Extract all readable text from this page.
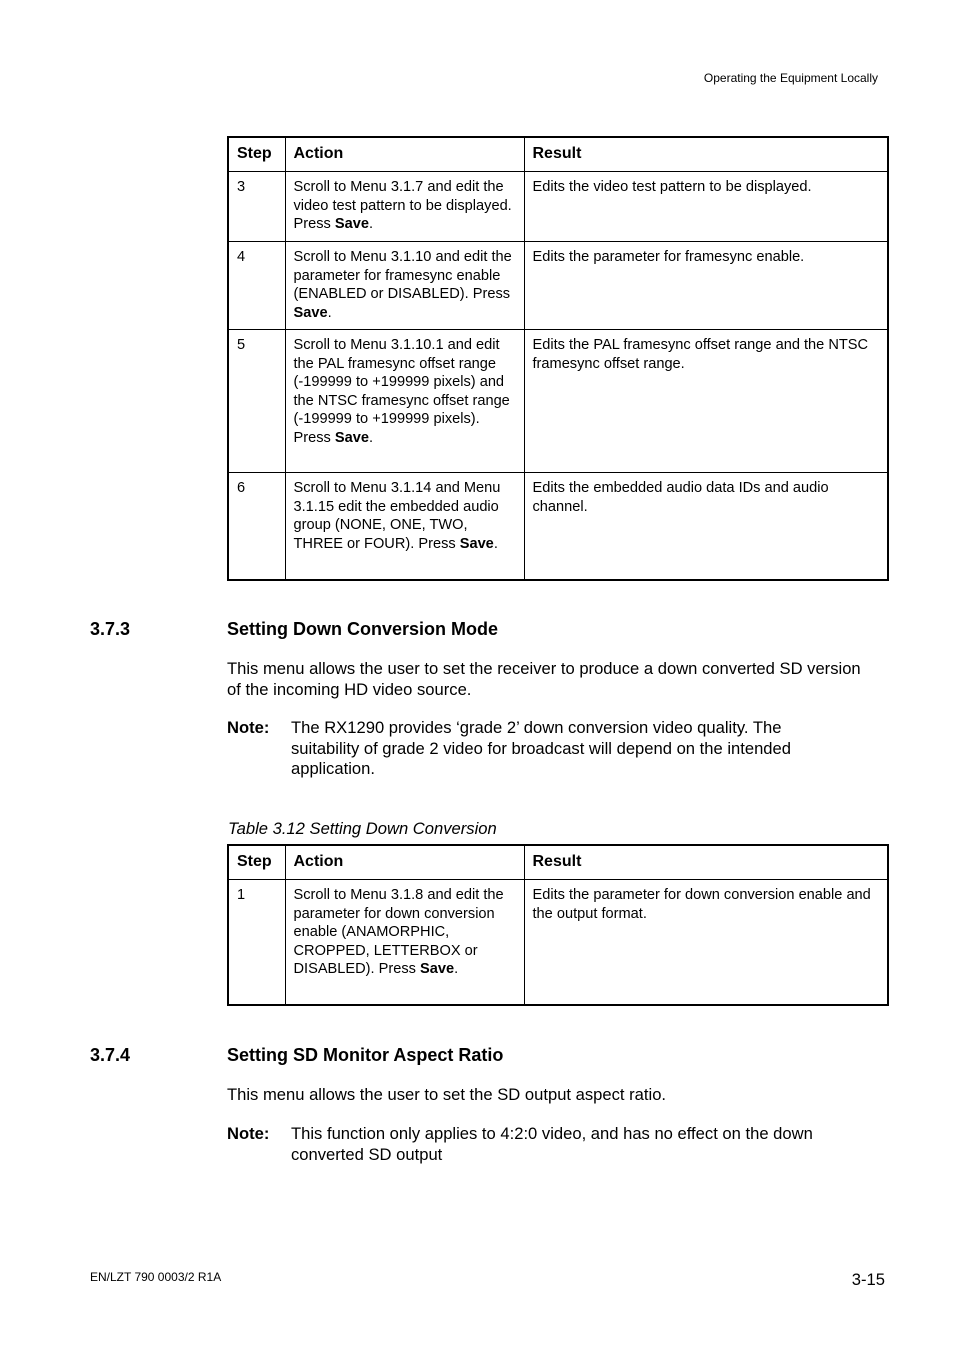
Operating the Equipment Locally
Step	Action	Result
3	Scroll to Menu 3.1.7 and edit the video test pattern to be displayed. Press Save.	Edits the video test pattern to be displayed.
4	Scroll to Menu 3.1.10 and edit the parameter for framesync enable (ENABLED or DISABLED). Press Save.	Edits the parameter for framesync enable.
5	Scroll to Menu 3.1.10.1 and edit the PAL framesync offset range (-199999 to +199999 pixels) and the NTSC framesync offset range (-199999 to +199999 pixels). Press Save.	Edits the PAL framesync offset range and the NTSC framesync offset range.
6	Scroll to Menu 3.1.14 and Menu 3.1.15 edit the embedded audio group (NONE, ONE, TWO, THREE or FOUR). Press Save.	Edits the embedded audio data IDs and audio channel.
3.7.3	Setting Down Conversion Mode
This menu allows the user to set the receiver to produce a down converted SD version of the incoming HD video source.
Note: The RX1290 provides ‘grade 2’ down conversion video quality. The suitability of grade 2 video for broadcast will depend on the intended application.
Table 3.12 Setting Down Conversion
Step	Action	Result
1	Scroll to Menu 3.1.8 and edit the parameter for down conversion enable (ANAMORPHIC, CROPPED, LETTERBOX or DISABLED). Press Save.	Edits the parameter for down conversion enable and the output format.
3.7.4	Setting SD Monitor Aspect Ratio
This menu allows the user to set the SD output aspect ratio.
Note: This function only applies to 4:2:0 video, and has no effect on the down converted SD output
EN/LZT 790 0003/2 R1A	3-15
